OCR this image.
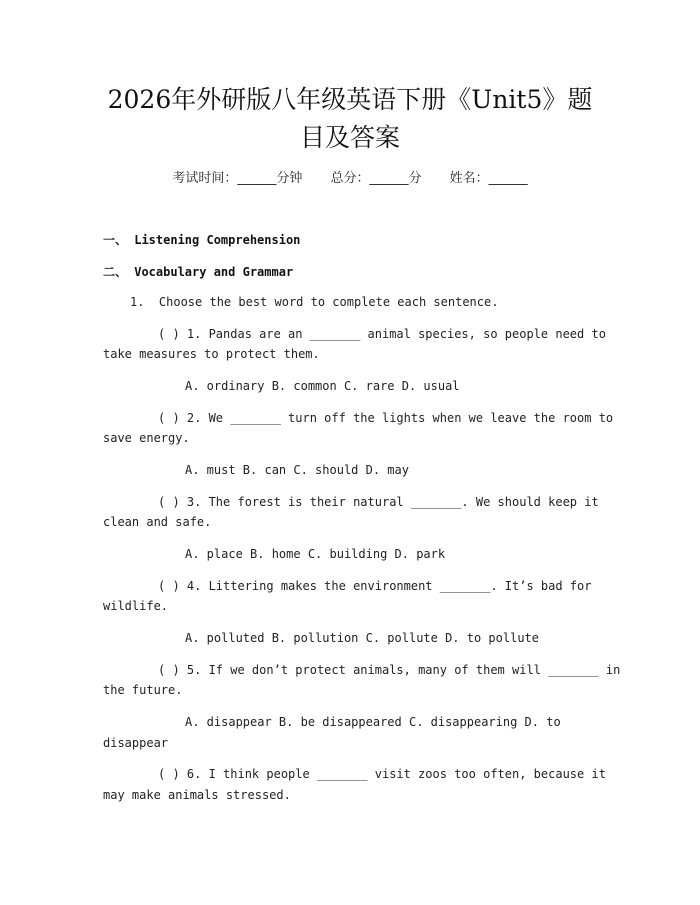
2026年外研版八年级英语下册《Unit5》题
目及答案
考试时间：______分钟 总分：______分 姓名：______
一、 Listening Comprehension
二、 Vocabulary and Grammar
1.  Choose the best word to complete each sentence.
( ) 1. Pandas are an _______ animal species, so people need to
take measures to protect them.
A. ordinary B. common C. rare D. usual
( ) 2. We _______ turn off the lights when we leave the room to
save energy.
A. must B. can C. should D. may
( ) 3. The forest is their natural _______. We should keep it
clean and safe.
A. place B. home C. building D. park
( ) 4. Littering makes the environment _______. It’s bad for
wildlife.
A. polluted B. pollution C. pollute D. to pollute
( ) 5. If we don’t protect animals, many of them will _______ in
the future.
A. disappear B. be disappeared C. disappearing D. to
disappear
( ) 6. I think people _______ visit zoos too often, because it
may make animals stressed.
